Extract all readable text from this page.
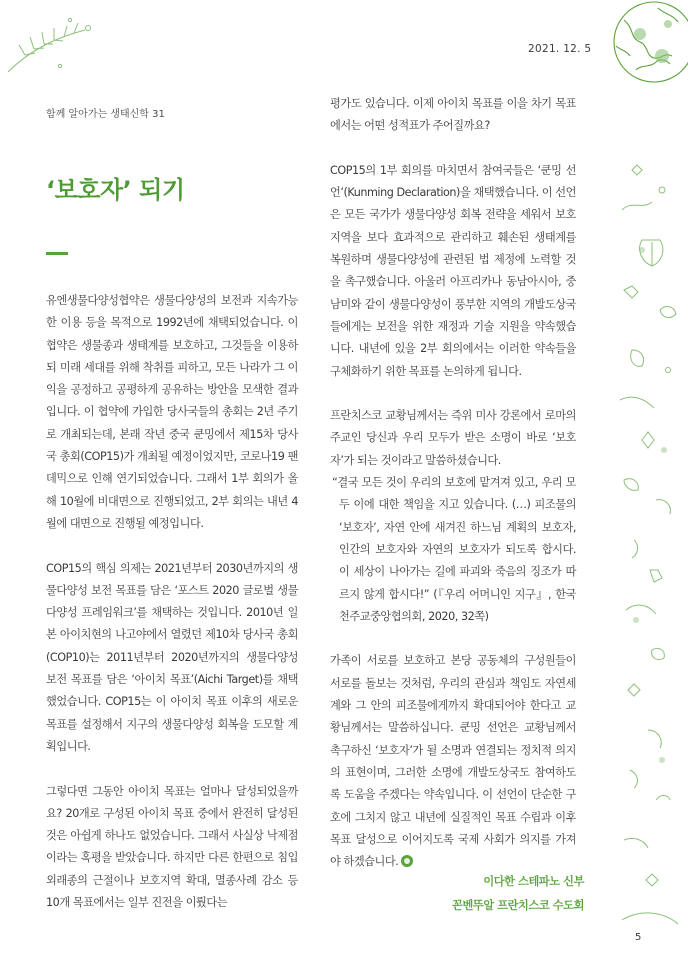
2021. 12. 5
함께 알아가는 생태신학 31
‘보호자’ 되기

유엔생물다양성협약은 생물다양성의 보전과 지속가능한 이용 등을 목적으로 1992년에 채택되었습니다. 이 협약은 생물종과 생태계를 보호하고, 그것들을 이용하되 미래 세대를 위해 착취를 피하고, 모든 나라가 그 이익을 공정하고 공평하게 공유하는 방안을 모색한 결과입니다. 이 협약에 가입한 당사국들의 총회는 2년 주기로 개최되는데, 본래 작년 중국 쿤밍에서 제15차 당사국 총회(COP15)가 개최될 예정이었지만, 코로나19 팬데믹으로 인해 연기되었습니다. 그래서 1부 회의가 올해 10월에 비대면으로 진행되었고, 2부 회의는 내년 4월에 대면으로 진행될 예정입니다.

COP15의 핵심 의제는 2021년부터 2030년까지의 생물다양성 보전 목표를 담은 ‘포스트 2020 글로벌 생물다양성 프레임워크’를 채택하는 것입니다. 2010년 일본 아이치현의 나고야에서 열렸던 제10차 당사국 총회(COP10)는 2011년부터 2020년까지의 생물다양성 보전 목표를 담은 ‘아이치 목표’(Aichi Target)를 채택했었습니다. COP15는 이 아이치 목표 이후의 새로운 목표를 설정해서 지구의 생물다양성 회복을 도모할 계획입니다.

그렇다면 그동안 아이치 목표는 얼마나 달성되었을까요? 20개로 구성된 아이치 목표 중에서 완전히 달성된 것은 아쉽게 하나도 없었습니다. 그래서 사실상 낙제점이라는 혹평을 받았습니다. 하지만 다른 한편으로 침입외래종의 근절이나 보호지역 확대, 멸종사례 감소 등 10개 목표에서는 일부 진전을 이뤘다는

평가도 있습니다. 이제 아이치 목표를 이을 차기 목표에서는 어떤 성적표가 주어질까요?

COP15의 1부 회의를 마치면서 참여국들은 ‘쿤밍 선언’(Kunming Declaration)을 채택했습니다. 이 선언은 모든 국가가 생물다양성 회복 전략을 세워서 보호지역을 보다 효과적으로 관리하고 훼손된 생태계를 복원하며 생물다양성에 관련된 법 제정에 노력할 것을 촉구했습니다. 아울러 아프리카나 동남아시아, 중남미와 같이 생물다양성이 풍부한 지역의 개발도상국들에게는 보전을 위한 재정과 기술 지원을 약속했습니다. 내년에 있을 2부 회의에서는 이러한 약속들을 구체화하기 위한 목표를 논의하게 됩니다.

프란치스코 교황님께서는 즉위 미사 강론에서 로마의 주교인 당신과 우리 모두가 받은 소명이 바로 ‘보호자’가 되는 것이라고 말씀하셨습니다.

“결국 모든 것이 우리의 보호에 맡겨져 있고, 우리 모두 이에 대한 책임을 지고 있습니다. (…) 피조물의 ‘보호자’, 자연 안에 새겨진 하느님 계획의 보호자, 인간의 보호자와 자연의 보호자가 되도록 합시다. 이 세상이 나아가는 길에 파괴와 죽음의 징조가 따르지 않게 합시다!” (『우리 어머니인 지구』, 한국천주교중앙협의회, 2020, 32쪽)

가족이 서로를 보호하고 본당 공동체의 구성원들이 서로를 돌보는 것처럼, 우리의 관심과 책임도 자연세계와 그 안의 피조물에게까지 확대되어야 한다고 교황님께서는 말씀하십니다. 쿤밍 선언은 교황님께서 촉구하신 ‘보호자’가 될 소명과 연결되는 정치적 의지의 표현이며, 그러한 소명에 개발도상국도 참여하도록 도움을 주겠다는 약속입니다. 이 선언이 단순한 구호에 그치지 않고 내년에 실질적인 목표 수립과 이후 목표 달성으로 이어지도록 국제 사회가 의지를 가져야 하겠습니다.

이다한 스테파노 신부
꼰벤뚜알 프란치스코 수도회
5
